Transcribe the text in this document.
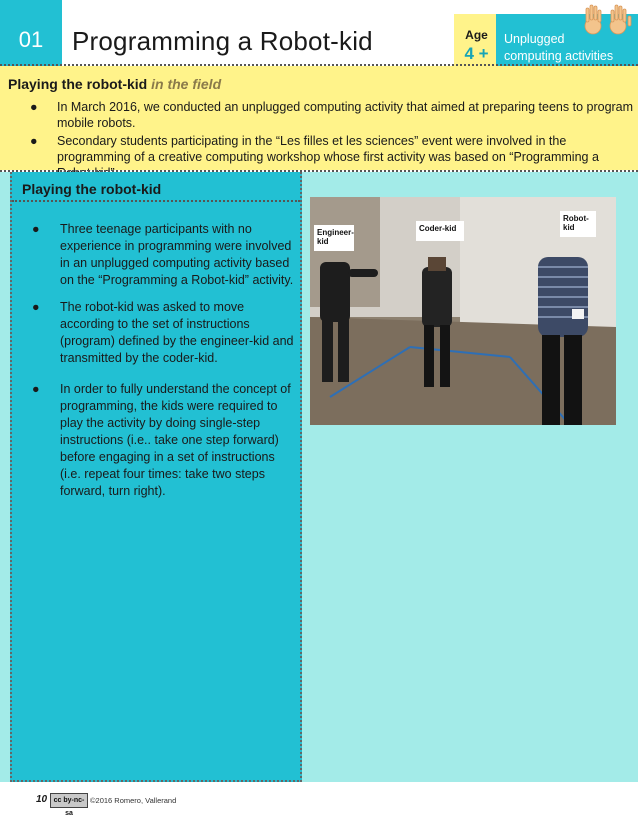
01	Programming a Robot-kid	Age
4 +
Unplugged
computing activities
Playing the robot-kid in the field
● In March 2016, we conducted an unplugged computing activity that aimed at preparing teens to program mobile robots.
● Secondary students participating in the “Les filles et les sciences” event were involved in the programming of a creative computing workshop whose first activity was based on “Programming a
Playing the robot-kid
● Three teenage participants with no experience in programming were involved in an unplugged computing activity based on the “Programming a Robot-kid” activity.
● The robot-kid was asked to move according to the set of instructions (program) defined by the engineer-kid and transmitted by the coder-kid.
● In order to fully understand the concept of programming, the kids were required to play the activity by doing single-step instructions (i.e.. take one step forward) before engaging in a set of instructions (i.e. repeat four times: take two steps forward, turn right).
Engineer-kid
Coder-kid
Robot-kid
10 cc by-nc-sa
©2016 Romero, Vallerand
